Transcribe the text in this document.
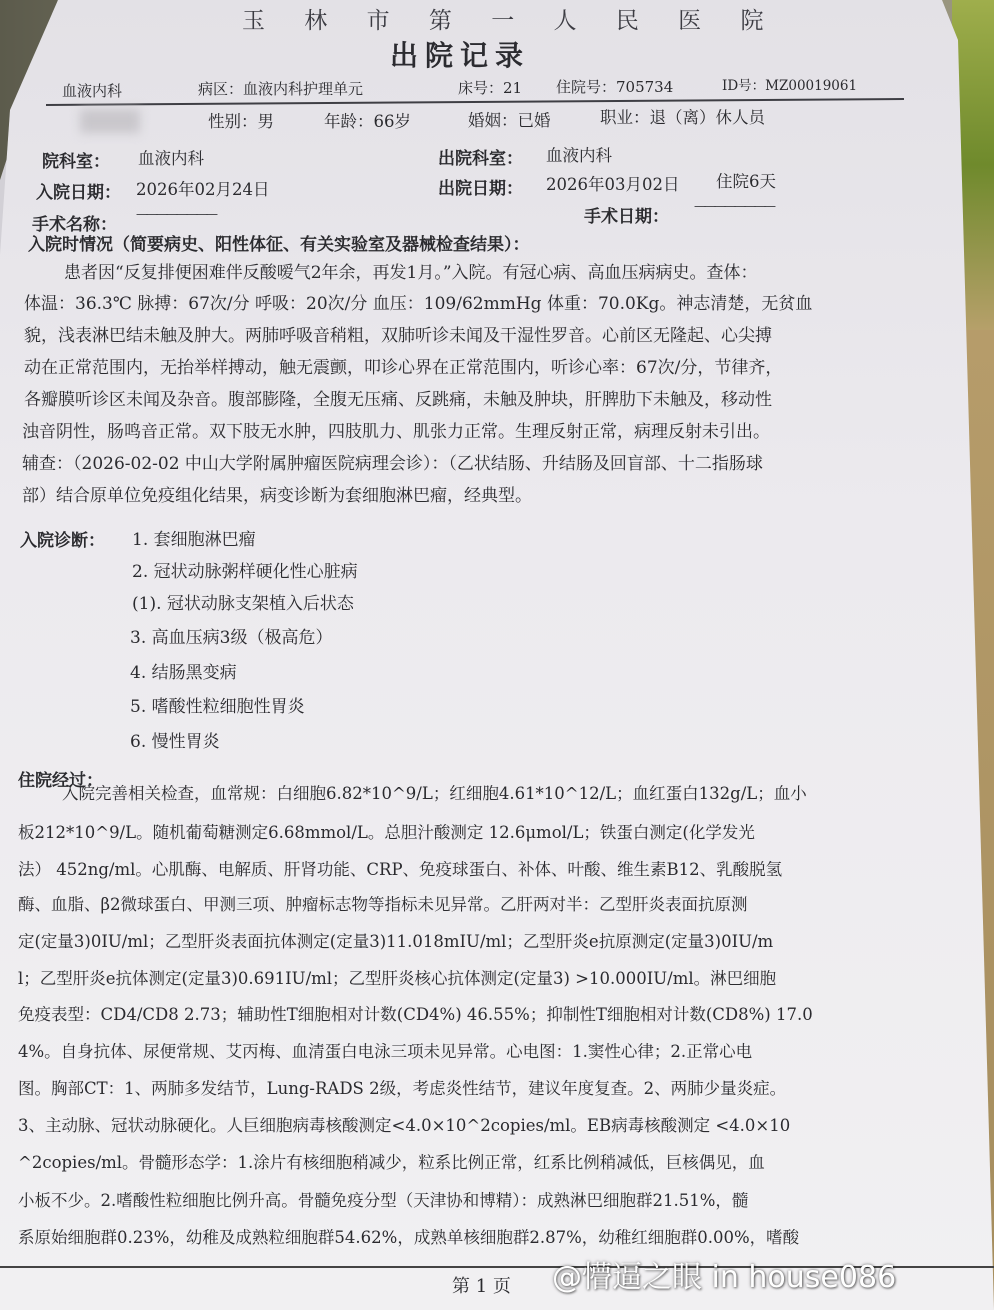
玉 林 市 第 一 人 民 医 院
出院记录
血液内科	病区：血液内科护理单元	床号：21 住院号：705734	ID号：MZ00019061
性别：男	年龄：66岁	婚姻：已婚	职业：退（离）休人员
院科室： 血液内科	出院科室： 血液内科
入院日期： 2026年02月24日	出院日期： 2026年03月02日 住院6天
手术名称：
————————	手术日期：
————————
入院时情况（简要病史、阳性体征、有关实验室及器械检查结果）：
患者因“反复排便困难伴反酸嗳气2年余，再发1月。”入院。有冠心病、高血压病病史。查体：
体温：36.3℃ 脉搏：67次/分 呼吸：20次/分 血压：109/62mmHg 体重：70.0Kg。神志清楚，无贫血
貌，浅表淋巴结未触及肿大。两肺呼吸音稍粗，双肺听诊未闻及干湿性罗音。心前区无隆起、心尖搏
动在正常范围内，无抬举样搏动，触无震颤，叩诊心界在正常范围内，听诊心率：67次/分，节律齐，
各瓣膜听诊区未闻及杂音。腹部膨隆，全腹无压痛、反跳痛，未触及肿块，肝脾肋下未触及，移动性
浊音阴性，肠鸣音正常。双下肢无水肿，四肢肌力、肌张力正常。生理反射正常，病理反射未引出。
辅查：（2026-02-02 中山大学附属肿瘤医院病理会诊）：（乙状结肠、升结肠及回盲部、十二指肠球
部）结合原单位免疫组化结果，病变诊断为套细胞淋巴瘤，经典型。
入院诊断： 1. 套细胞淋巴瘤
2. 冠状动脉粥样硬化性心脏病
(1). 冠状动脉支架植入后状态
3. 高血压病3级（极高危）
4. 结肠黑变病
5. 嗜酸性粒细胞性胃炎
6. 慢性胃炎
住院经过：
入院完善相关检查，血常规：白细胞6.82*10^9/L；红细胞4.61*10^12/L；血红蛋白132g/L；血小
板212*10^9/L。随机葡萄糖测定6.68mmol/L。总胆汁酸测定 12.6μmol/L；铁蛋白测定(化学发光
法） 452ng/ml。心肌酶、电解质、肝肾功能、CRP、免疫球蛋白、补体、叶酸、维生素B12、乳酸脱氢
酶、血脂、β2微球蛋白、甲测三项、肿瘤标志物等指标未见异常。乙肝两对半：乙型肝炎表面抗原测
定(定量3)0IU/ml；乙型肝炎表面抗体测定(定量3)11.018mIU/ml；乙型肝炎e抗原测定(定量3)0IU/m
l；乙型肝炎e抗体测定(定量3)0.691IU/ml；乙型肝炎核心抗体测定(定量3) >10.000IU/ml。淋巴细胞
免疫表型：CD4/CD8 2.73；辅助性T细胞相对计数(CD4%) 46.55%；抑制性T细胞相对计数(CD8%) 17.0
4%。自身抗体、尿便常规、艾丙梅、血清蛋白电泳三项未见异常。心电图：1.窦性心律；2.正常心电
图。胸部CT：1、两肺多发结节，Lung-RADS 2级，考虑炎性结节，建议年度复查。2、两肺少量炎症。
3、主动脉、冠状动脉硬化。人巨细胞病毒核酸测定<4.0×10^2copies/ml。EB病毒核酸测定 <4.0×10
^2copies/ml。骨髓形态学：1.涂片有核细胞稍减少，粒系比例正常，红系比例稍减低，巨核偶见，血
小板不少。2.嗜酸性粒细胞比例升高。骨髓免疫分型（天津协和博精）：成熟淋巴细胞群21.51%，髓
系原始细胞群0.23%，幼稚及成熟粒细胞群54.62%，成熟单核细胞群2.87%，幼稚红细胞群0.00%，嗜酸
第 1 页 @懵逼之眼 in house086
